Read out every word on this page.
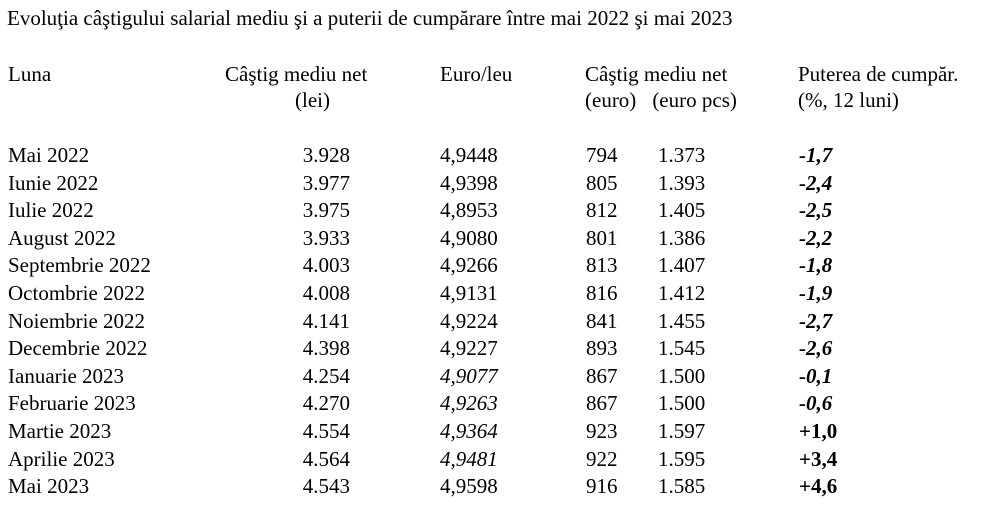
Evoluţia câştigului salarial mediu şi a puterii de cumpărare între mai 2022 şi mai 2023
Luna	Câştig mediu net
(lei)
Euro/leu	Câştig mediu net
(euro) (euro pcs)
Puterea de cumpăr.
(%, 12 luni)
Mai 2022	3.928	4,9448	794 1.373	-1,7
Iunie 2022	3.977	4,9398	805 1.393	-2,4
Iulie 2022	3.975	4,8953	812 1.405	-2,5
August 2022	3.933	4,9080	801 1.386	-2,2
Septembrie 2022	4.003	4,9266	813 1.407	-1,8
Octombrie 2022	4.008	4,9131	816 1.412	-1,9
Noiembrie 2022	4.141	4,9224	841 1.455	-2,7
Decembrie 2022	4.398	4,9227	893 1.545	-2,6
Ianuarie 2023	4.254	4,9077	867 1.500	-0,1
Februarie 2023	4.270	4,9263	867 1.500	-0,6
Martie 2023	4.554	4,9364	923 1.597	+1,0
Aprilie 2023	4.564	4,9481	922 1.595	+3,4
Mai 2023	4.543	4,9598	916 1.585	+4,6
